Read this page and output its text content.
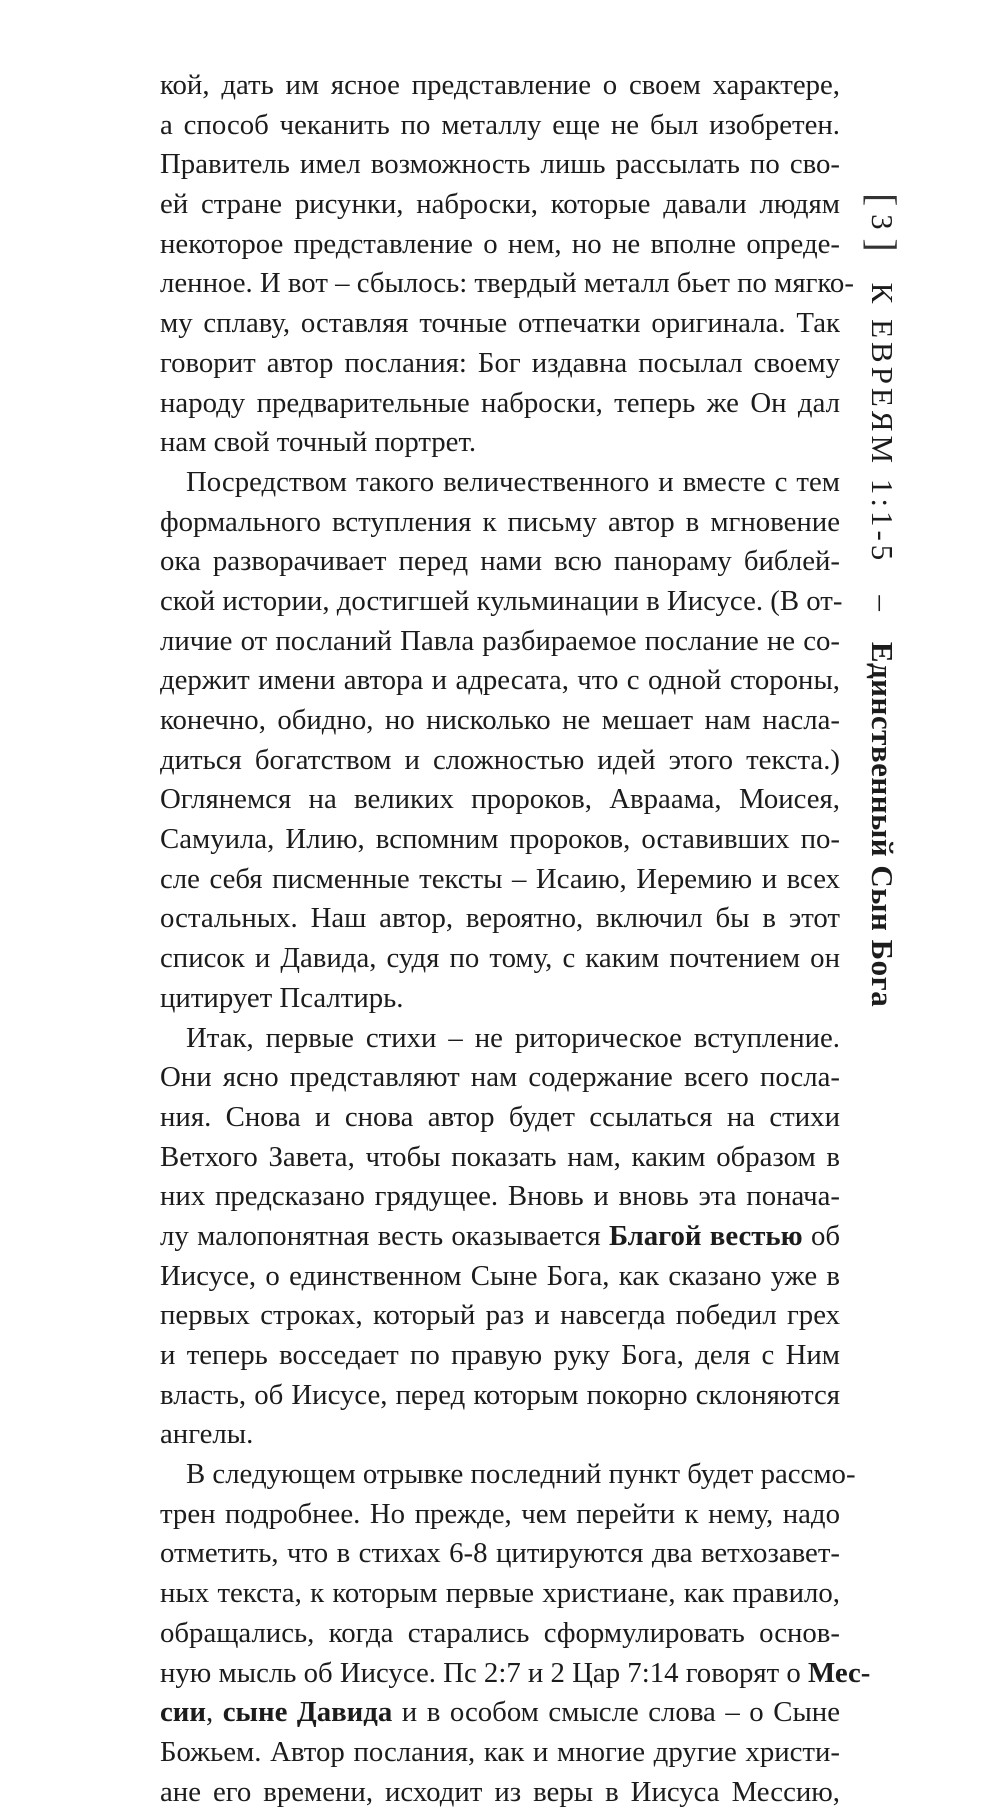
[ 3 ]    К ЕВРЕЯМ 1:1-5    –    Единственный Сын Бога
кой, дать им ясное представление о своем характере,
а способ чеканить по металлу еще не был изобретен.
Правитель имел возможность лишь рассылать по сво-
ей стране рисунки, наброски, которые давали людям
некоторое представление о нем, но не вполне опреде-
ленное. И вот – сбылось: твердый металл бьет по мягко-
му сплаву, оставляя точные отпечатки оригинала. Так
говорит автор послания: Бог издавна посылал своему
народу предварительные наброски, теперь же Он дал
нам свой точный портрет.
Посредством такого величественного и вместе с тем
формального вступления к письму автор в мгновение
ока разворачивает перед нами всю панораму библей-
ской истории, достигшей кульминации в Иисусе. (В от-
личие от посланий Павла разбираемое послание не со-
держит имени автора и адресата, что с одной стороны,
конечно, обидно, но нисколько не мешает нам наcла-
диться богатством и сложностью идей этого текста.)
Оглянемся на великих пророков, Авраама, Моисея,
Самуила, Илию, вспомним пророков, оставивших по-
сле себя писменные тексты – Исаию, Иеремию и всех
остальных. Наш автор, вероятно, включил бы в этот
список и Давида, судя по тому, с каким почтением он
цитирует Псалтирь.
Итак, первые стихи – не риторическое вступление.
Они ясно представляют нам содержание всего посла-
ния. Снова и снова автор будет ссылаться на стихи
Ветхого Завета, чтобы показать нам, каким образом в
них предсказано грядущее. Вновь и вновь эта поначa-
лу малопонятная весть оказывается Благой вестью об
Иисусе, о единственном Сыне Бога, как сказано уже в
первых строках, который раз и навсегда победил грех
и теперь восседает по правую руку Бога, деля с Ним
власть, об Иисусе, перед которым покорно склоняются
ангелы.
В следующем отрывке последний пункт будет рассмо-
трен подробнее. Но прежде, чем перейти к нему, надо
отметить, что в стихах 6-8 цитируются два ветхозавет-
ных текста, к которым первые христиане, как правило,
обращались, когда старались сформулировать основ-
ную мысль об Иисусе. Пс 2:7 и 2 Цар 7:14 говорят о Мес-
сии, сыне Давида и в особом смысле слова – о Сыне
Божьем. Автор послания, как и многие другие христи-
ане его времени, исходит из веры в Иисуса Мессию,
